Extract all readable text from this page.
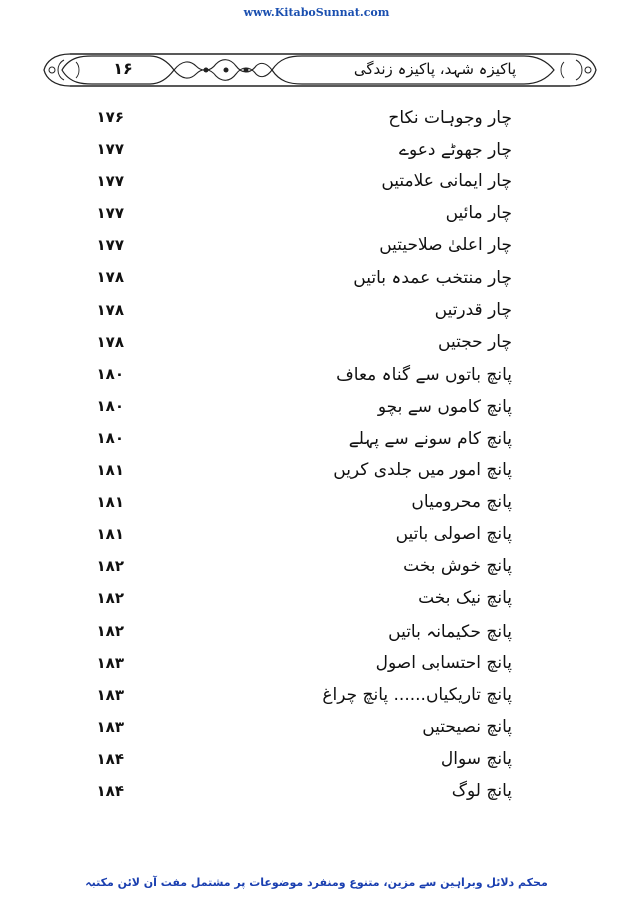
www.KitaboSunnat.com
۱۶	پاکیزہ شہد، پاکیزہ زندگی
چار وجوہات نکاح
۱۷۶
چار جھوٹے دعوے
۱۷۷
چار ایمانی علامتیں
۱۷۷
چار مائیں
۱۷۷
چار اعلیٰ صلاحیتیں
۱۷۷
چار منتخب عمدہ باتیں
۱۷۸
چار قدرتیں
۱۷۸
چار حجتیں
۱۷۸
پانچ باتوں سے گناہ معاف
۱۸۰
پانچ کاموں سے بچو
۱۸۰
پانچ کام سونے سے پہلے
۱۸۰
پانچ امور میں جلدی کریں
۱۸۱
پانچ محرومیاں
۱۸۱
پانچ اصولی باتیں
۱۸۱
پانچ خوش بخت
۱۸۲
پانچ نیک بخت
۱۸۲
پانچ حکیمانہ باتیں
۱۸۲
پانچ احتسابی اصول
۱۸۳
پانچ تاریکیاں...... پانچ چراغ
۱۸۳
پانچ نصیحتیں
۱۸۳
پانچ سوال
۱۸۴
پانچ لوگ
۱۸۴
محکم دلائل وبراہین سے مزین، متنوع ومنفرد موضوعات پر مشتمل مفت آن لائن مکتبہ
